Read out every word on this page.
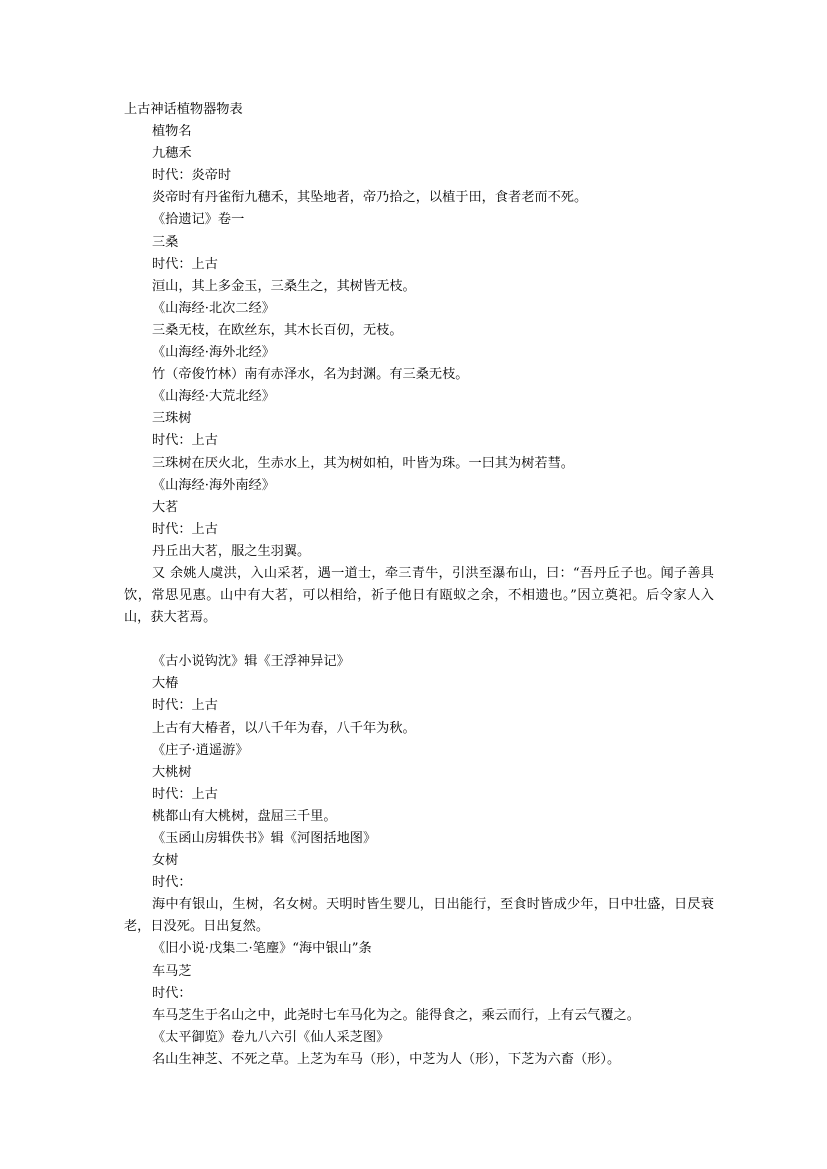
上古神话植物器物表
植物名
九穗禾
时代：炎帝时
炎帝时有丹雀衔九穗禾，其坠地者，帝乃拾之，以植于田，食者老而不死。
《拾遗记》卷一
三桑
时代：上古
洹山，其上多金玉，三桑生之，其树皆无枝。
《山海经·北次二经》
三桑无枝，在欧丝东，其木长百仞，无枝。
《山海经·海外北经》
竹（帝俊竹林）南有赤泽水，名为封渊。有三桑无枝。
《山海经·大荒北经》
三珠树
时代：上古
三珠树在厌火北，生赤水上，其为树如柏，叶皆为珠。一曰其为树若彗。
《山海经·海外南经》
大茗
时代：上古
丹丘出大茗，服之生羽翼。
又 余姚人虞洪，入山采茗，遇一道士，牵三青牛，引洪至瀑布山，曰：“吾丹丘子也。闻子善具饮，常思见惠。山中有大茗，可以相给，祈子他日有瓯蚁之余，不相遗也。”因立奠祀。后令家人入山，获大茗焉。
《古小说钩沈》辑《王浮神异记》
大椿
时代：上古
上古有大椿者，以八千年为春，八千年为秋。
《庄子·逍遥游》
大桃树
时代：上古
桃都山有大桃树，盘屈三千里。
《玉函山房辑佚书》辑《河图括地图》
女树
时代：
海中有银山，生树，名女树。天明时皆生婴儿，日出能行，至食时皆成少年，日中壮盛，日昃衰老，日没死。日出复然。
《旧小说·戊集二·笔麈》“海中银山”条
车马芝
时代：
车马芝生于名山之中，此尧时七车马化为之。能得食之，乘云而行，上有云气覆之。
《太平御览》卷九八六引《仙人采芝图》
名山生神芝、不死之草。上芝为车马（形），中芝为人（形），下芝为六畜（形）。
